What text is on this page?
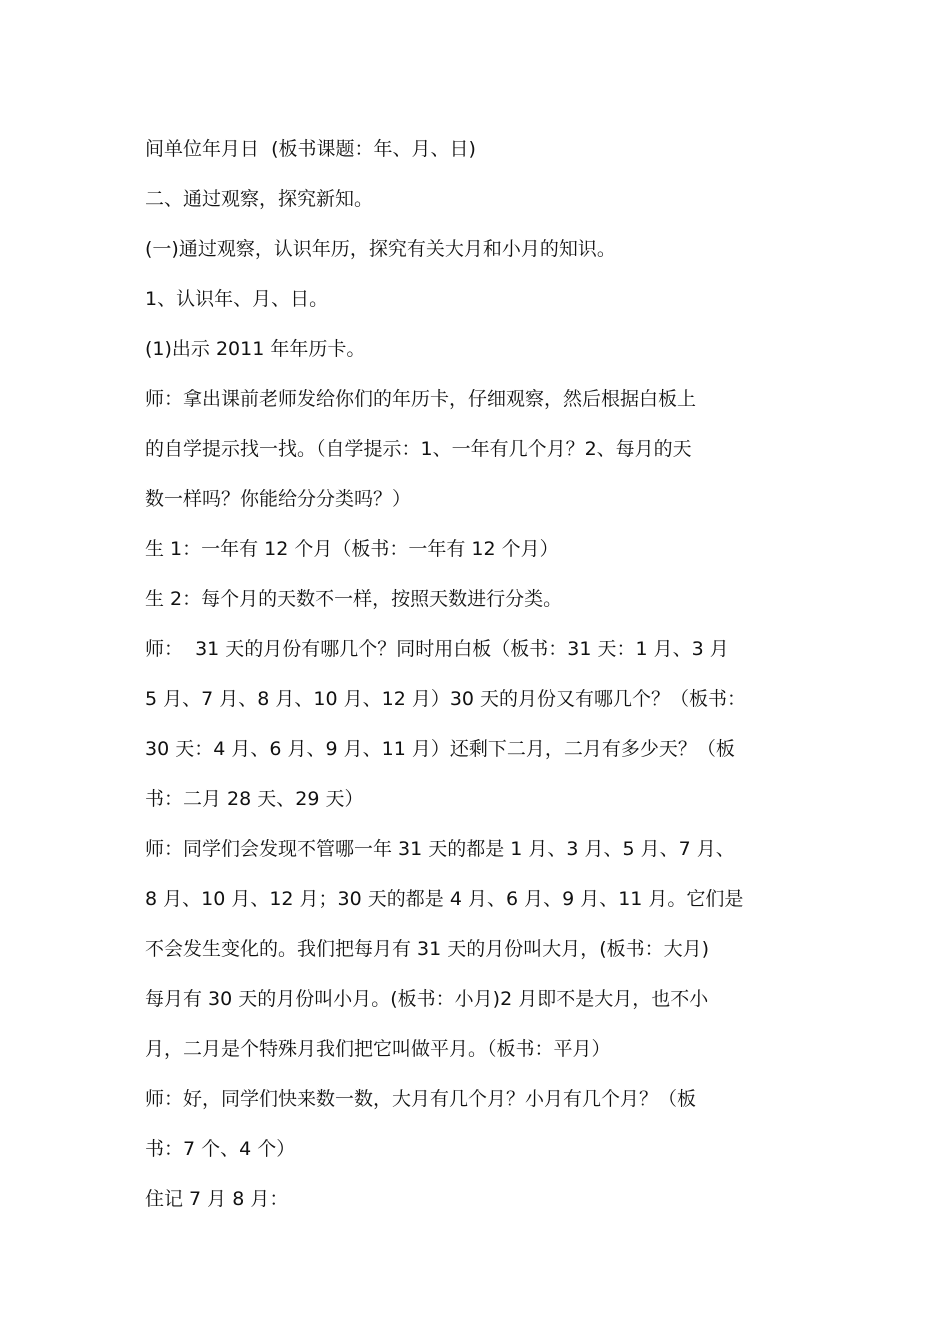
间单位年月日  (板书课题：年、月、日)
二、通过观察，探究新知。
(一)通过观察，认识年历，探究有关大月和小月的知识。
1、认识年、月、日。
(1)出示 2011 年年历卡。
师：拿出课前老师发给你们的年历卡，仔细观察，然后根据白板上
的自学提示找一找。（自学提示：1、一年有几个月？2、每月的天
数一样吗？你能给分分类吗？）
生 1：一年有 12 个月（板书：一年有 12 个月）
生 2：每个月的天数不一样，按照天数进行分类。
师：  31 天的月份有哪几个？同时用白板（板书：31 天：1 月、3 月
5 月、7 月、8 月、10 月、12 月）30 天的月份又有哪几个？（板书：
30 天：4 月、6 月、9 月、11 月）还剩下二月，二月有多少天？（板
书：二月 28 天、29 天）
师：同学们会发现不管哪一年 31 天的都是 1 月、3 月、5 月、7 月、
8 月、10 月、12 月；30 天的都是 4 月、6 月、9 月、11 月。它们是
不会发生变化的。我们把每月有 31 天的月份叫大月，(板书：大月)
每月有 30 天的月份叫小月。(板书：小月)2 月即不是大月，也不小
月，二月是个特殊月我们把它叫做平月。（板书：平月）
师：好，同学们快来数一数，大月有几个月？小月有几个月？（板
书：7 个、4 个）
住记 7 月 8 月：
